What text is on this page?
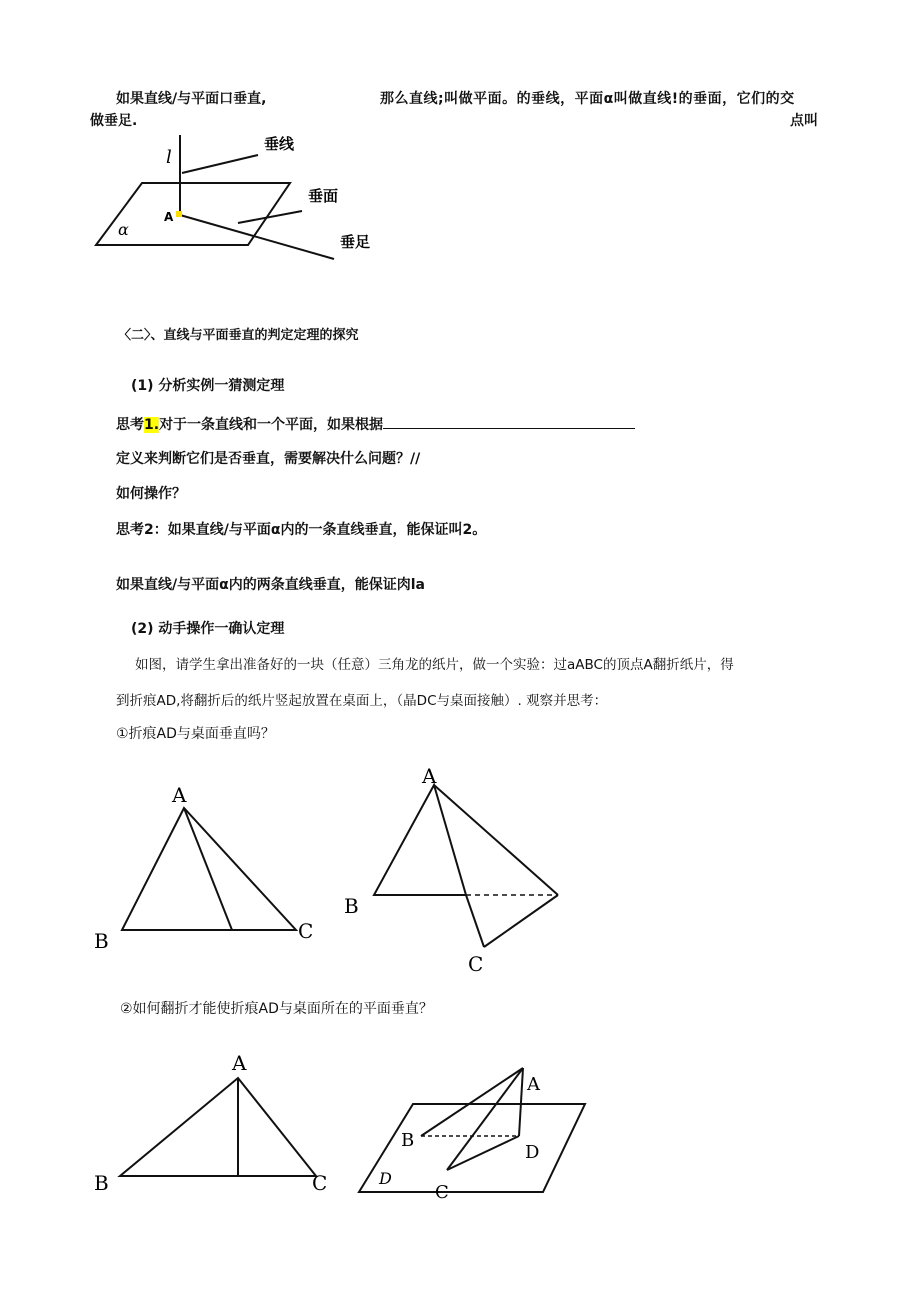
如果直线/与平面口垂直,	那么直线;叫做平面。的垂线，平面α叫做直线!的垂面，它们的交
做垂足.	点叫
l
A
α
垂线
垂面
垂足
〈二〉、直线与平面垂直的判定定理的探究
(1) 分析实例一猜测定理
思考1.对于一条直线和一个平面，如果根据
定义来判断它们是否垂直，需要解决什么问题？//
如何操作？
思考2：如果直线/与平面α内的一条直线垂直，能保证叫2。
如果直线/与平面α内的两条直线垂直，能保证肉la
(2) 动手操作一确认定理
如图，请学生拿出准备好的一块（任意）三角龙的纸片，做一个实验：过aABC的顶点A翻折纸片，得
到折痕AD,将翻折后的纸片竖起放置在桌面上，（晶DC与桌面接触）. 观察并思考：
①折痕AD与桌面垂直吗？
A
B	C
A
B
C
②如何翻折才能使折痕AD与桌面所在的平面垂直？
A
B	C
A
B
D
C
D
